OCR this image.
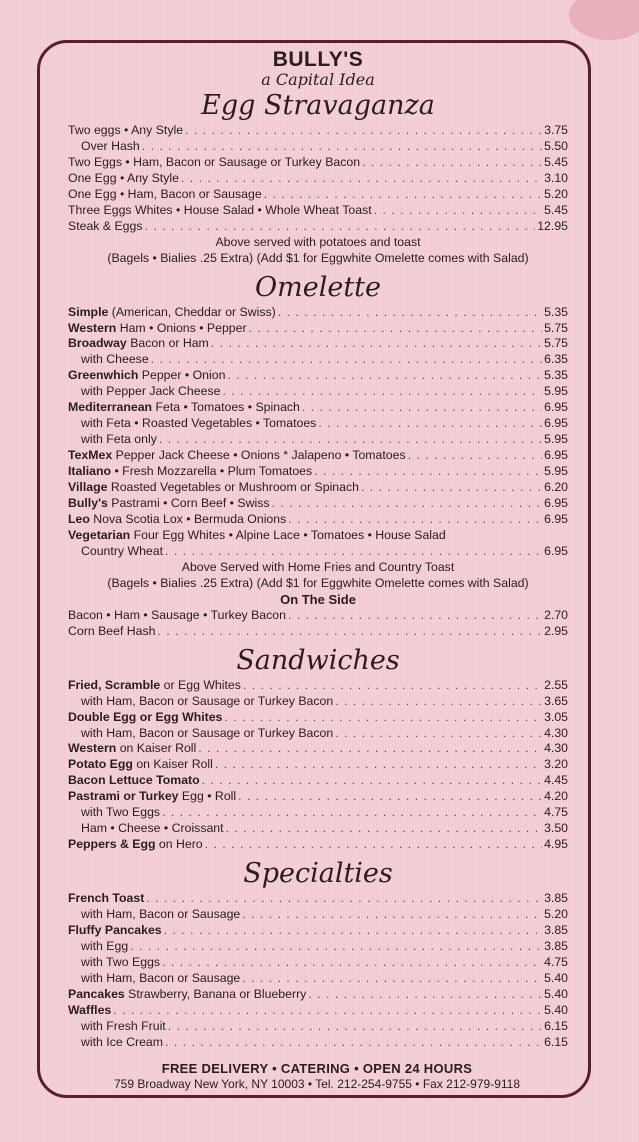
BULLY'S
a Capital Idea
Egg Stravaganza
Two eggs • Any Style . . .	3.75
Over Hash . . .	5.50
Two Eggs • Ham, Bacon or Sausage or Turkey Bacon . . .	5.45
One Egg • Any Style . . .	3.10
One Egg • Ham, Bacon or Sausage . . .	5.20
Three Eggs Whites • House Salad • Whole Wheat Toast . . .	5.45
Steak & Eggs . . .	12.95
Above served with potatoes and toast
(Bagels • Bialies .25 Extra) (Add $1 for Eggwhite Omelette comes with Salad)
Omelette
Simple (American, Cheddar or Swiss) . . .	5.35
Western Ham • Onions • Pepper . . .	5.75
Broadway Bacon or Ham . . .	5.75
with Cheese . . .	6.35
Greenwhich Pepper • Onion . . .	5.35
with Pepper Jack Cheese . . .	5.95
Mediterranean Feta • Tomatoes • Spinach . . .	6.95
with Feta • Roasted Vegetables • Tomatoes . . .	6.95
with Feta only . . .	5.95
TexMex Pepper Jack Cheese • Onions * Jalapeno • Tomatoes . . .	6.95
Italiano • Fresh Mozzarella • Plum Tomatoes . . .	5.95
Village Roasted Vegetables or Mushroom or Spinach . . .	6.20
Bully's Pastrami • Corn Beef • Swiss . . .	6.95
Leo Nova Scotia Lox • Bermuda Onions . . .	6.95
Vegetarian Four Egg Whites • Alpine Lace • Tomatoes • House Salad
Country Wheat . . .	6.95
Above Served with Home Fries and Country Toast
(Bagels • Bialies .25 Extra) (Add $1 for Eggwhite Omelette comes with Salad)
On The Side
Bacon • Ham • Sausage • Turkey Bacon . . .	2.70
Corn Beef Hash . . .	2.95
Sandwiches
Fried, Scramble or Egg Whites . . .	2.55
with Ham, Bacon or Sausage or Turkey Bacon . . .	3.65
Double Egg or Egg Whites . . .	3.05
with Ham, Bacon or Sausage or Turkey Bacon . . .	4.30
Western on Kaiser Roll . . .	4.30
Potato Egg on Kaiser Roll . . .	3.20
Bacon Lettuce Tomato . . .	4.45
Pastrami or Turkey Egg • Roll . . .	4.20
with Two Eggs . . .	4.75
Ham • Cheese • Croissant . . .	3.50
Peppers & Egg on Hero . . .	4.95
Specialties
French Toast . . .	3.85
with Ham, Bacon or Sausage . . .	5.20
Fluffy Pancakes . . .	3.85
with Egg . . .	3.85
with Two Eggs . . .	4.75
with Ham, Bacon or Sausage . . .	5.40
Pancakes Strawberry, Banana or Blueberry . . .	5.40
Waffles . . .	5.40
with Fresh Fruit . . .	6.15
with Ice Cream . . .	6.15
FREE DELIVERY • CATERING • OPEN 24 HOURS
759 Broadway New York, NY 10003 • Tel. 212-254-9755 • Fax 212-979-9118
